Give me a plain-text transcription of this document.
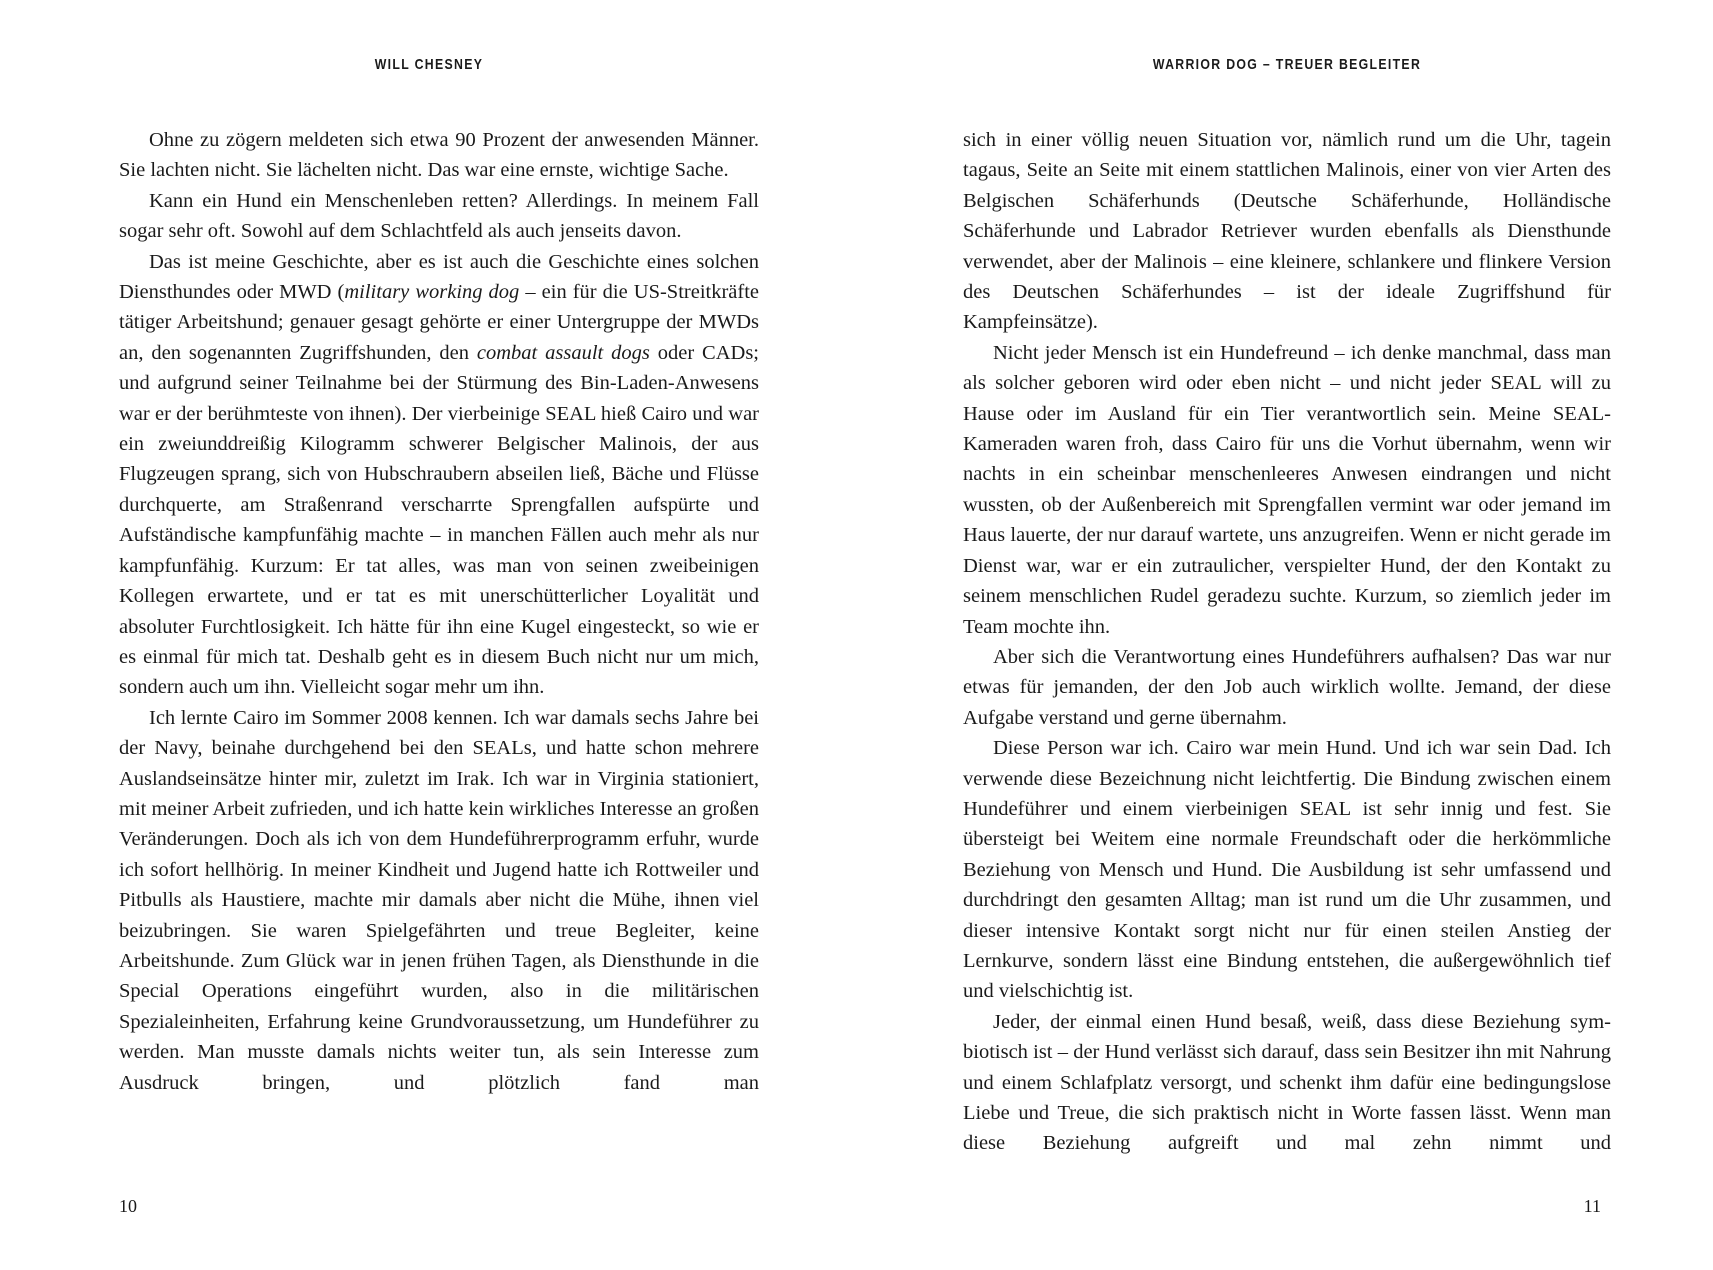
WILL CHESNEY

Ohne zu zögern meldeten sich etwa 90 Prozent der anwesenden Männer. Sie lachten nicht. Sie lächelten nicht. Das war eine ernste, wichtige Sache.

Kann ein Hund ein Menschenleben retten? Allerdings. In meinem Fall sogar sehr oft. Sowohl auf dem Schlachtfeld als auch jenseits davon.

Das ist meine Geschichte, aber es ist auch die Geschichte eines solchen Diensthundes oder MWD (military working dog – ein für die US-Streitkräfte tätiger Arbeitshund; genauer gesagt gehörte er einer Untergruppe der MWDs an, den sogenannten Zugriffshunden, den combat assault dogs oder CADs; und aufgrund seiner Teilnahme bei der Stürmung des Bin-Laden-Anwesens war er der berühmteste von ihnen). Der vierbeinige SEAL hieß Cairo und war ein zweiunddreißig Kilogramm schwerer Belgischer Malinois, der aus Flugzeugen sprang, sich von Hubschraubern abseilen ließ, Bäche und Flüsse durchquerte, am Straßenrand verscharrte Sprengfallen aufspürte und Aufständische kampfunfähig machte – in manchen Fällen auch mehr als nur kampfunfähig. Kurzum: Er tat alles, was man von seinen zweibeinigen Kollegen erwartete, und er tat es mit unerschütterlicher Loyalität und absoluter Furchtlosigkeit. Ich hätte für ihn eine Kugel eingesteckt, so wie er es einmal für mich tat. Deshalb geht es in diesem Buch nicht nur um mich, sondern auch um ihn. Vielleicht sogar mehr um ihn.

Ich lernte Cairo im Sommer 2008 kennen. Ich war damals sechs Jahre bei der Navy, beinahe durchgehend bei den SEALs, und hatte schon mehrere Auslandseinsätze hinter mir, zuletzt im Irak. Ich war in Virginia stationiert, mit meiner Arbeit zufrieden, und ich hatte kein wirkliches Interesse an großen Veränderungen. Doch als ich von dem Hundeführerprogramm erfuhr, wurde ich sofort hellhörig. In meiner Kindheit und Jugend hatte ich Rottweiler und Pitbulls als Haustiere, machte mir damals aber nicht die Mühe, ihnen viel beizubringen. Sie waren Spielgefährten und treue Begleiter, keine Arbeitshunde. Zum Glück war in jenen frühen Tagen, als Diensthunde in die Special Operations eingeführt wurden, also in die militärischen Spezialeinheiten, Erfahrung keine Grundvoraussetzung, um Hundeführer zu werden. Man musste damals nichts weiter tun, als sein Interesse zum Ausdruck bringen, und plötzlich fand man

10
WARRIOR DOG – TREUER BEGLEITER

sich in einer völlig neuen Situation vor, nämlich rund um die Uhr, tagein tagaus, Seite an Seite mit einem stattlichen Malinois, einer von vier Arten des Belgischen Schäferhunds (Deutsche Schäferhunde, Holländische Schäferhunde und Labrador Retriever wurden ebenfalls als Diensthunde verwendet, aber der Malinois – eine kleinere, schlankere und flinkere Version des Deutschen Schäferhundes – ist der ideale Zugriffshund für Kampfeinsätze).

Nicht jeder Mensch ist ein Hundefreund – ich denke manchmal, dass man als solcher geboren wird oder eben nicht – und nicht jeder SEAL will zu Hause oder im Ausland für ein Tier verantwortlich sein. Meine SEAL-Kameraden waren froh, dass Cairo für uns die Vorhut übernahm, wenn wir nachts in ein scheinbar menschenleeres Anwesen eindrangen und nicht wussten, ob der Außenbereich mit Sprengfallen vermint war oder jemand im Haus lauerte, der nur darauf wartete, uns anzugreifen. Wenn er nicht gerade im Dienst war, war er ein zutraulicher, verspielter Hund, der den Kontakt zu seinem menschlichen Rudel geradezu suchte. Kurzum, so ziemlich jeder im Team mochte ihn.

Aber sich die Verantwortung eines Hundeführers aufhalsen? Das war nur etwas für jemanden, der den Job auch wirklich wollte. Jemand, der diese Aufgabe verstand und gerne übernahm.

Diese Person war ich. Cairo war mein Hund. Und ich war sein Dad. Ich verwende diese Bezeichnung nicht leichtfertig. Die Bindung zwischen einem Hundeführer und einem vierbeinigen SEAL ist sehr innig und fest. Sie übersteigt bei Weitem eine normale Freundschaft oder die herkömmliche Beziehung von Mensch und Hund. Die Ausbildung ist sehr umfassend und durchdringt den gesamten Alltag; man ist rund um die Uhr zusammen, und dieser intensive Kontakt sorgt nicht nur für einen steilen Anstieg der Lernkurve, sondern lässt eine Bindung entstehen, die außergewöhnlich tief und vielschichtig ist.

Jeder, der einmal einen Hund besaß, weiß, dass diese Beziehung symbiotisch ist – der Hund verlässt sich darauf, dass sein Besitzer ihn mit Nahrung und einem Schlafplatz versorgt, und schenkt ihm dafür eine bedingungslose Liebe und Treue, die sich praktisch nicht in Worte fassen lässt. Wenn man diese Beziehung aufgreift und mal zehn nimmt und

11
